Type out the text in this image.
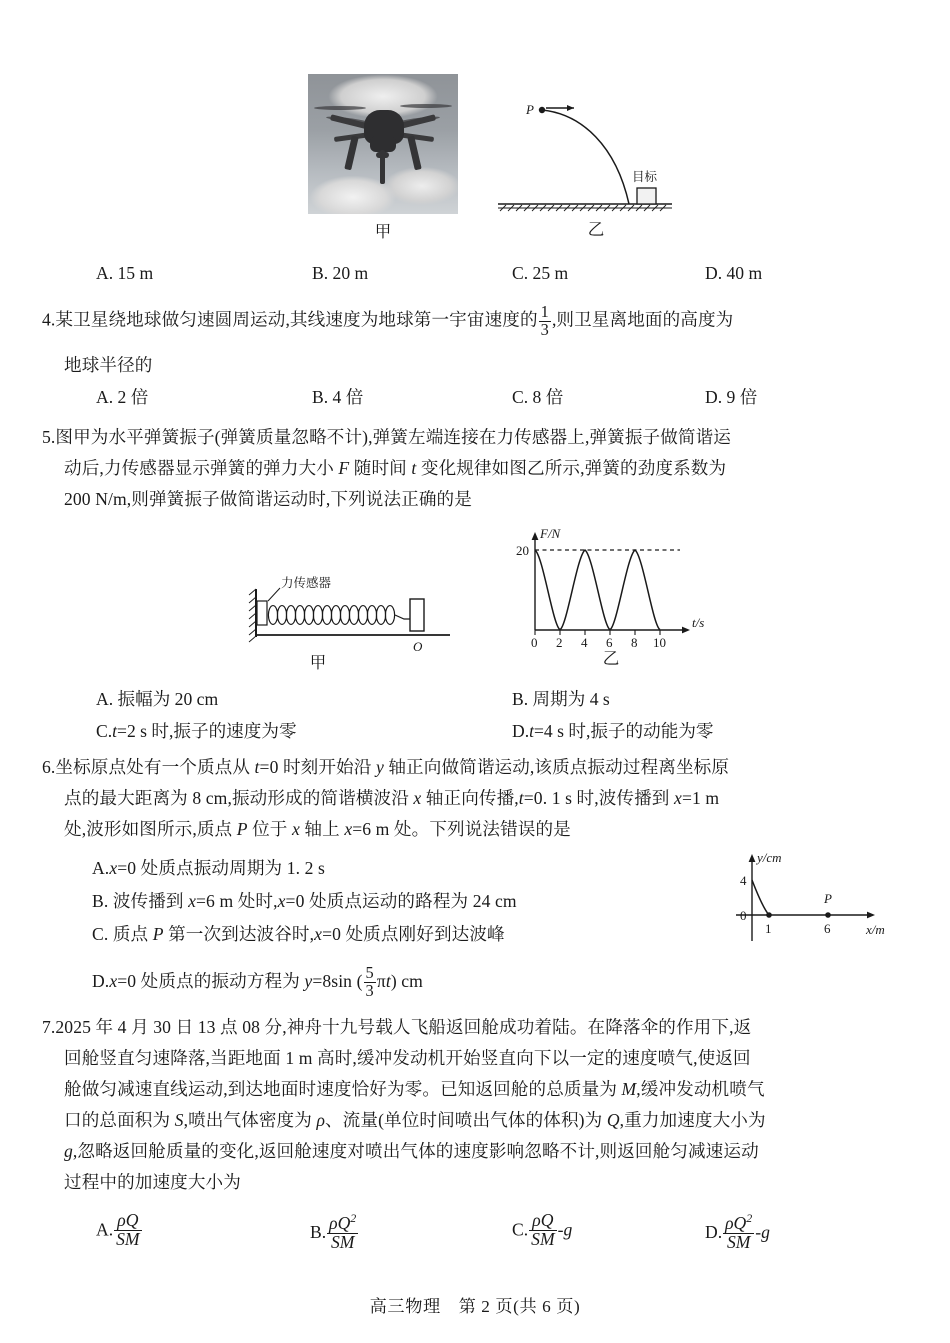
甲
P
目标
乙
A. 15 m	B. 20 m	C. 25 m	D. 40 m
4.某卫星绕地球做匀速圆周运动,其线速度为地球第一宇宙速度的 $\frac{1}{3}$ ,则卫星离地面的高度为
地球半径的
A. 2 倍	B. 4 倍	C. 8 倍	D. 9 倍
5.图甲为水平弹簧振子(弹簧质量忽略不计),弹簧左端连接在力传感器上,弹簧振子做简谐运
动后,力传感器显示弹簧的弹力大小 F 随时间 t 变化规律如图乙所示,弹簧的劲度系数为
200 N/m,则弹簧振子做简谐运动时,下列说法正确的是
O
力传感器
甲
F/N
t/s
20
0 2 4 6 8 10
乙
A. 振幅为 20 cm	B. 周期为 4 s
C.t=2 s 时,振子的速度为零	D.t=4 s 时,振子的动能为零
6.坐标原点处有一个质点从 t=0 时刻开始沿 y 轴正向做简谐运动,该质点振动过程离坐标原
点的最大距离为 8 cm,振动形成的简谐横波沿 x 轴正向传播,t=0. 1 s 时,波传播到 x=1 m
处,波形如图所示,质点 P 位于 x 轴上 x=6 m 处。下列说法错误的是
A.x=0 处质点振动周期为 1. 2 s
B. 波传播到 x=6 m 处时,x=0 处质点运动的路程为 24 cm
C. 质点 P 第一次到达波谷时,x=0 处质点刚好到达波峰
D.x=0 处质点的振动方程为 y=8sin ( $\frac{5}{3} \pi t$) cm
y/cm
x/m
4
0
1	6
P
7.2025 年 4 月 30 日 13 点 08 分,神舟十九号载人飞船返回舱成功着陆。在降落伞的作用下,返
回舱竖直匀速降落,当距地面 1 m 高时,缓冲发动机开始竖直向下以一定的速度喷气,使返回
舱做匀减速直线运动,到达地面时速度恰好为零。已知返回舱的总质量为 M,缓冲发动机喷气
口的总面积为 S,喷出气体密度为 ρ、流量(单位时间喷出气体的体积)为 Q,重力加速度大小为
g,忽略返回舱质量的变化,返回舱速度对喷出气体的速度影响忽略不计,则返回舱匀减速运动
过程中的加速度大小为
A. $\frac{\rho Q}{SM}$	B. $\frac{\rho Q^2}{SM}$	C. $\frac{\rho Q}{SM} -g$	D. $\frac{\rho Q^2}{SM} -g$
高三物理　第 2 页(共 6 页)
